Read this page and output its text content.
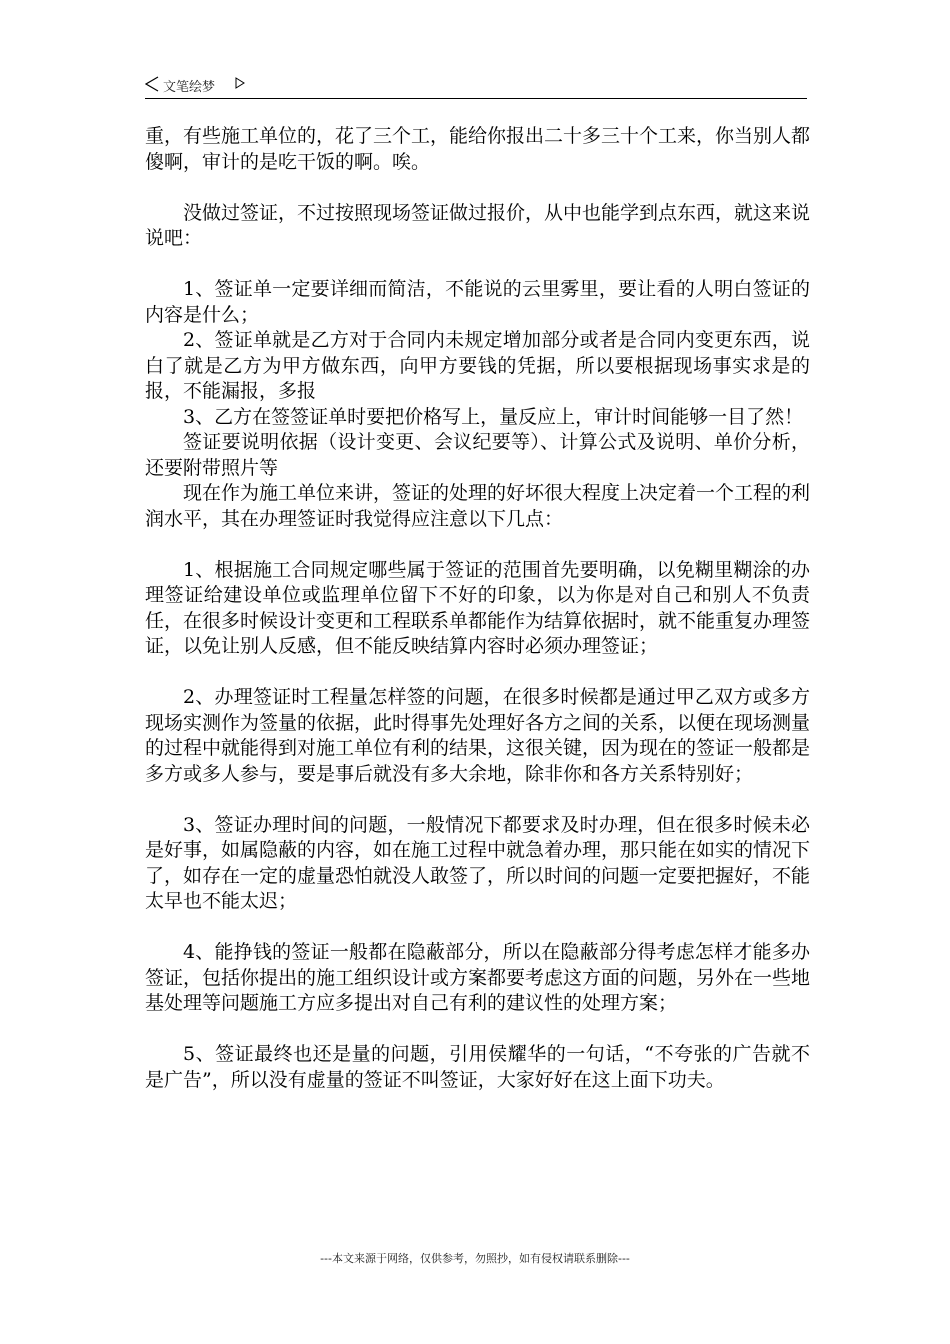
文笔绘梦

重，有些施工单位的，花了三个工，能给你报出二十多三十个工来，你当别人都傻啊，审计的是吃干饭的啊。唉。

没做过签证，不过按照现场签证做过报价，从中也能学到点东西，就这来说说吧：

1、签证单一定要详细而简洁，不能说的云里雾里，要让看的人明白签证的内容是什么；

2、签证单就是乙方对于合同内未规定增加部分或者是合同内变更东西，说白了就是乙方为甲方做东西，向甲方要钱的凭据，所以要根据现场事实求是的报，不能漏报，多报

3、乙方在签签证单时要把价格写上，量反应上，审计时间能够一目了然！

签证要说明依据（设计变更、会议纪要等）、计算公式及说明、单价分析，还要附带照片等

现在作为施工单位来讲，签证的处理的好坏很大程度上决定着一个工程的利润水平，其在办理签证时我觉得应注意以下几点：

1、根据施工合同规定哪些属于签证的范围首先要明确，以免糊里糊涂的办理签证给建设单位或监理单位留下不好的印象，以为你是对自己和别人不负责任，在很多时候设计变更和工程联系单都能作为结算依据时，就不能重复办理签证，以免让别人反感，但不能反映结算内容时必须办理签证；

2、办理签证时工程量怎样签的问题，在很多时候都是通过甲乙双方或多方现场实测作为签量的依据，此时得事先处理好各方之间的关系，以便在现场测量的过程中就能得到对施工单位有利的结果，这很关键，因为现在的签证一般都是多方或多人参与，要是事后就没有多大余地，除非你和各方关系特别好；

3、签证办理时间的问题，一般情况下都要求及时办理，但在很多时候未必是好事，如属隐蔽的内容，如在施工过程中就急着办理，那只能在如实的情况下了，如存在一定的虚量恐怕就没人敢签了，所以时间的问题一定要把握好，不能太早也不能太迟；

4、能挣钱的签证一般都在隐蔽部分，所以在隐蔽部分得考虑怎样才能多办签证，包括你提出的施工组织设计或方案都要考虑这方面的问题，另外在一些地基处理等问题施工方应多提出对自己有利的建议性的处理方案；

5、签证最终也还是量的问题，引用侯耀华的一句话，“不夸张的广告就不是广告”，所以没有虚量的签证不叫签证，大家好好在这上面下功夫。

---本文来源于网络，仅供参考，勿照抄，如有侵权请联系删除---
